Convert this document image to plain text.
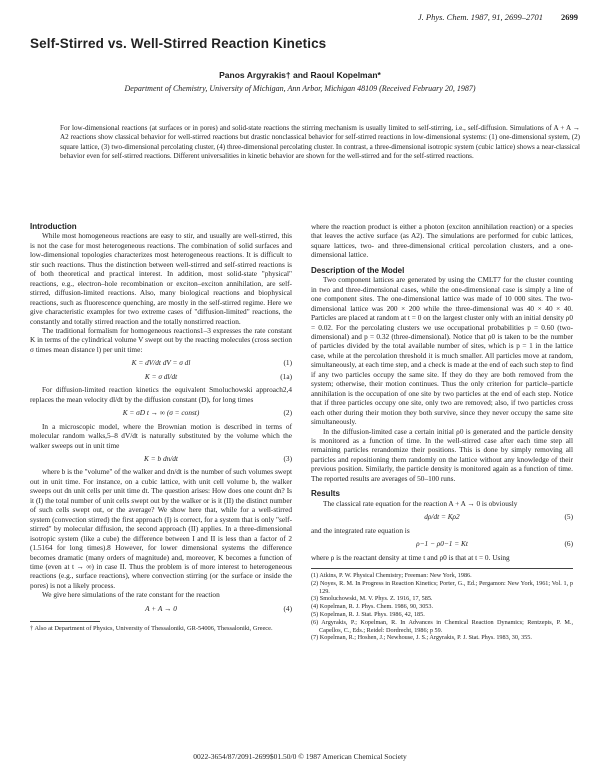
J. Phys. Chem. 1987, 91, 2699–2701 2699
Self-Stirred vs. Well-Stirred Reaction Kinetics
Panos Argyrakis† and Raoul Kopelman*
Department of Chemistry, University of Michigan, Ann Arbor, Michigan 48109 (Received February 20, 1987)
For low-dimensional reactions (at surfaces or in pores) and solid-state reactions the stirring mechanism is usually limited to self-stirring, i.e., self-diffusion. Simulations of A + A → A2 reactions show classical behavior for well-stirred reactions but drastic nonclassical behavior for self-stirred reactions in low-dimensional systems: (1) one-dimensional system, (2) square lattice, (3) two-dimensional percolating cluster, (4) three-dimensional percolating cluster. In contrast, a three-dimensional isotropic system (cubic lattice) shows a near-classical behavior even for self-stirred reactions. Different universalities in kinetic behavior are shown for the well-stirred and for the self-stirred reactions.

Introduction

While most homogeneous reactions are easy to stir, and usually are well-stirred, this is not the case for most heterogeneous reactions. The combination of solid surfaces and low-dimensional topologies characterizes most heterogeneous reactions. It is difficult to stir such reactions. Thus the distinction between well-stirred and self-stirred reactions is of both theoretical and practical interest. In addition, most solid-state "physical" reactions, e.g., electron–hole recombination or exciton–exciton annihilation, are self-stirred, diffusion-limited reactions. Also, many biological reactions and biophysical reactions, such as fluorescence quenching, are mostly in the self-stirred regime. Here we give characteristic examples for two extreme cases of "diffusion-limited" reactions, the constantly and totally stirred reaction and the totally nonstirred reaction.

The traditional formalism for homogeneous reactions1–3 expresses the rate constant K in terms of the cylindrical volume V swept out by the reacting molecules (cross section σ times mean distance l) per unit time:

K = dV/dt dV = σ dl	(1)
K = σ dl/dt	(1a)

For diffusion-limited reaction kinetics the equivalent Smoluchowski approach2,4 replaces the mean velocity dl/dt by the diffusion constant (D), for long times

K = σD t → ∞ (σ = const)	(2)

In a microscopic model, where the Brownian motion is described in terms of molecular random walks,5–8 dV/dt is naturally substituted by the volume which the walker sweeps out in unit time

K = b dn/dt	(3)

where b is the "volume" of the walker and dn/dt is the number of such volumes swept out in unit time. For instance, on a cubic lattice, with unit cell volume b, the walker sweeps out dn unit cells per unit time dt. The question arises: How does one count dn? Is it (I) the total number of unit cells swept out by the walker or is it (II) the distinct number of such cells swept out, or the average? We show here that, while for a well-stirred system (convection stirred) the first approach (I) is correct, for a system that is only "self-stirred" by molecular diffusion, the second approach (II) applies. In a three-dimensional isotropic system (like a cube) the difference between I and II is less than a factor of 2 (1.5164 for long times).8 However, for lower dimensional systems the difference becomes dramatic (many orders of magnitude) and, moreover, K becomes a function of time (even at t → ∞) in case II. Thus the problem is of more interest to heterogeneous reactions (e.g., surface reactions), where convection stirring (or the surface or inside the pores) is not a likely process.

We give here simulations of the rate constant for the reaction

A + A → 0	(4)

† Also at Department of Physics, University of Thessaloniki, GR-54006, Thessaloniki, Greece.

where the reaction product is either a photon (exciton annihilation reaction) or a species that leaves the active surface (as A2). The simulations are performed for cubic lattices, square lattices, two- and three-dimensional critical percolation clusters, and a one-dimensional lattice.

Description of the Model

Two component lattices are generated by using the CMLT7 for the cluster counting in two and three-dimensional cases, while the one-dimensional case is simply a line of one component sites. The one-dimensional lattice was made of 10 000 sites. The two-dimensional lattice was 200 × 200 while the three-dimensional was 40 × 40 × 40. Particles are placed at random at t = 0 on the largest cluster only with an initial density ρ0 = 0.02. For the percolating clusters we use occupational probabilities p = 0.60 (two-dimensional) and p = 0.32 (three-dimensional). Notice that ρ0 is taken to be the number of particles divided by the total available number of sites, which is p = 1 in the lattice case, while at the percolation threshold it is much smaller. All particles move at random, simultaneously, at each time step, and a check is made at the end of each such step to find if any two particles occupy the same site. If they do they are both removed from the system; otherwise, their motion continues. Thus the only criterion for particle–particle annihilation is the occupation of one site by two particles at the end of each step. Notice that if three particles occupy one site, only two are removed; also, if two particles cross each other during their motion they both survive, since they never occupy the same site simultaneously.

In the diffusion-limited case a certain initial ρ0 is generated and the particle density is monitored as a function of time. In the well-stirred case after each time step all remaining particles rerandomize their positions. This is done by simply removing all particles and repositioning them randomly on the lattice without any knowledge of their previous position. Similarly, the particle density is monitored again as a function of time. The reported results are averages of 50–100 runs.

Results

The classical rate equation for the reaction A + A → 0 is obviously

dρ/dt = Kρ2	(5)

and the integrated rate equation is

ρ−1 − ρ0−1 = Kt	(6)

where ρ is the reactant density at time t and ρ0 is that at t = 0. Using

(1) Atkins, P. W. Physical Chemistry; Freeman: New York, 1986.
(2) Noyes, R. M. In Progress in Reaction Kinetics; Porter, G., Ed.; Pergamon: New York, 1961; Vol. 1, p 129.
(3) Smoluchowski, M. V. Phys. Z. 1916, 17, 585.
(4) Kopelman, R. J. Phys. Chem. 1986, 90, 3053.
(5) Kopelman, R. J. Stat. Phys. 1986, 42, 185.
(6) Argyrakis, P.; Kopelman, R. In Advances in Chemical Reaction Dynamics; Rentzepis, P. M., Capellos, C., Eds.; Reidel: Dordrecht, 1986; p 59.
(7) Kopelman, R.; Hoshen, J.; Newhouse, J. S.; Argyrakis, P. J. Stat. Phys. 1983, 30, 355.
0022-3654/87/2091-2699$01.50/0 © 1987 American Chemical Society
